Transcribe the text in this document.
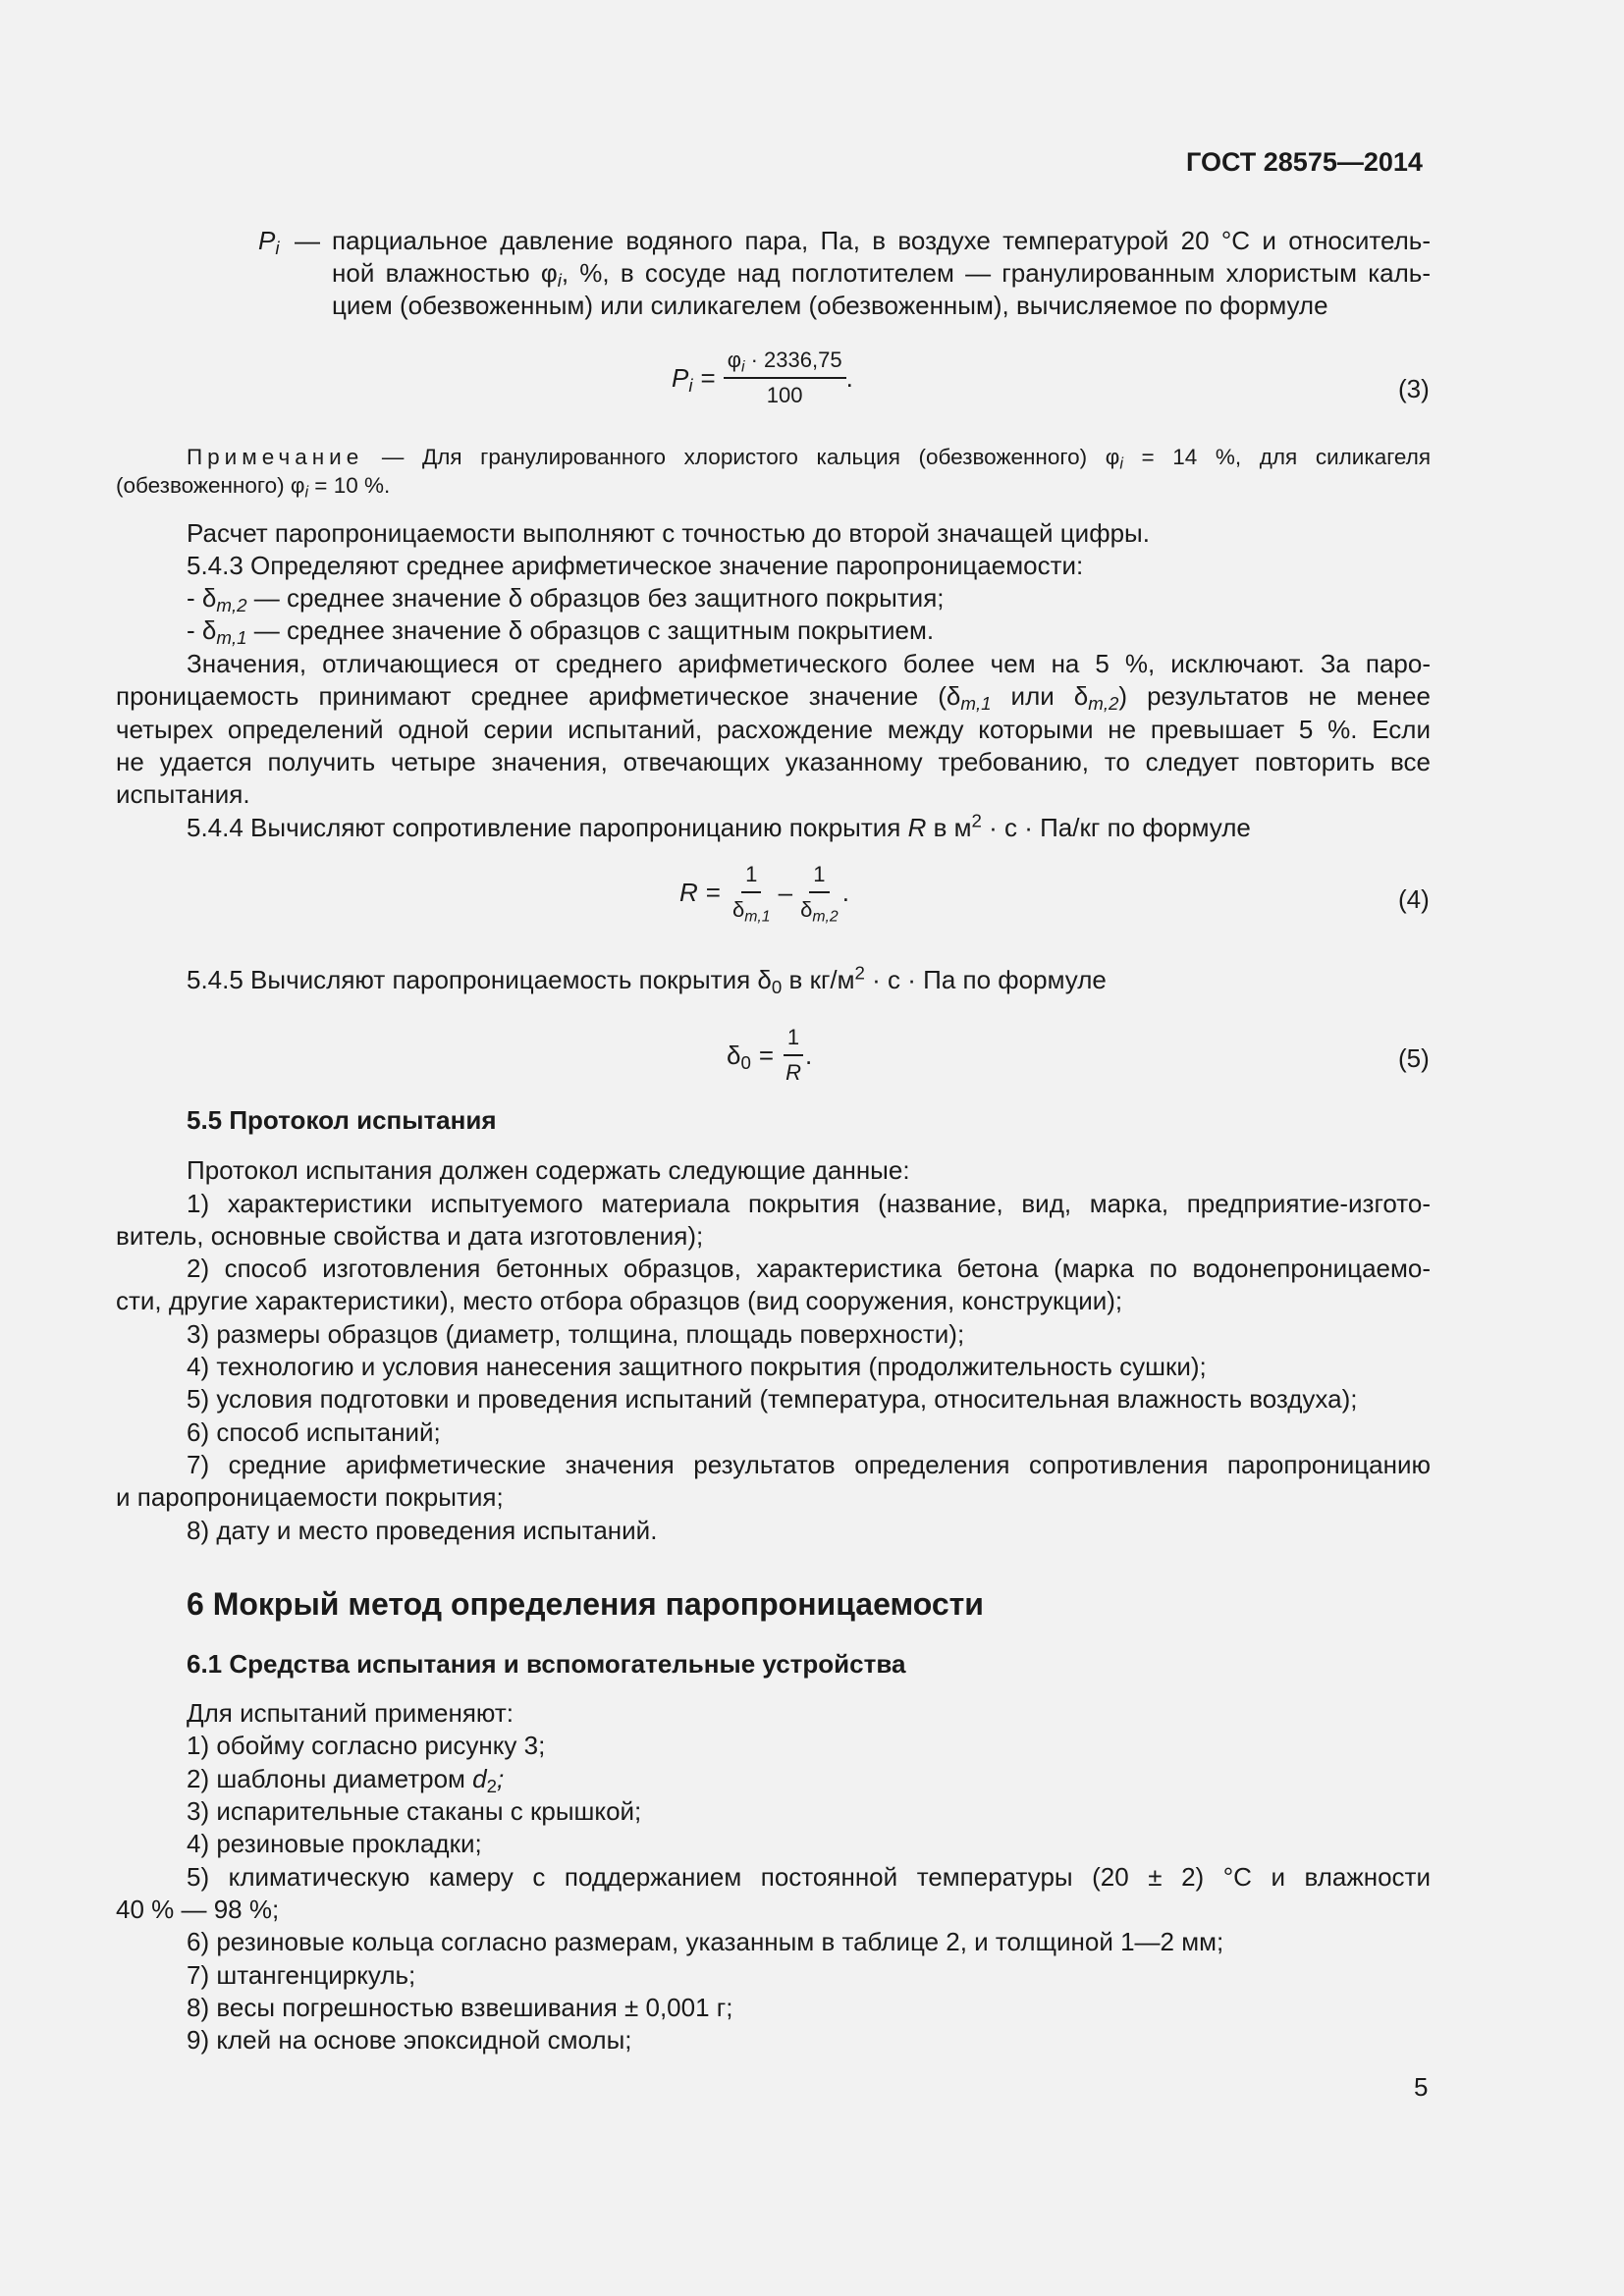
ГОСТ 28575—2014
$P_i$ — парциальное давление водяного пара, Па, в воздухе температурой 20 °С и относитель-
ной влажностью $\varphi_i$, %, в сосуде над поглотителем — гранулированным хлористым каль-
цием (обезвоженным) или силикагелем (обезвоженным), вычисляемое по формуле
$P_i = \frac{\varphi_i \cdot 2336,75}{100}$ .	(3)
Примечание — Для гранулированного хлористого кальция (обезвоженного) $\varphi_i = 14$ %, для силикагеля
(обезвоженного) $\varphi_i = 10$ %.
Расчет паропроницаемости выполняют с точностью до второй значащей цифры.
5.4.3 Определяют среднее арифметическое значение паропроницаемости:
- $\delta_{m,2}$ — среднее значение δ образцов без защитного покрытия;
- $\delta_{m,1}$ — среднее значение δ образцов с защитным покрытием.
Значения, отличающиеся от среднего арифметического более чем на 5 %, исключают. За паро-
проницаемость принимают среднее арифметическое значение ($\delta_{m,1}$ или $\delta_{m,2}$) результатов не менее
четырех определений одной серии испытаний, расхождение между которыми не превышает 5 %. Если
не удается получить четыре значения, отвечающих указанному требованию, то следует повторить все
испытания.
5.4.4 Вычисляют сопротивление паропроницанию покрытия R в $м^2 \cdot с \cdot Па/кг$ по формуле
$R = \frac{1}{\delta_{m,1}} - \frac{1}{\delta_{m,2}}$ .	(4)
5.4.5 Вычисляют паропроницаемость покрытия $\delta_0$ в $кг/м^2 \cdot с$ · Па по формуле
$\delta_0 = \frac{1}{R}$ .	(5)
5.5 Протокол испытания
Протокол испытания должен содержать следующие данные:
1) характеристики испытуемого материала покрытия (название, вид, марка, предприятие-изгото-
витель, основные свойства и дата изготовления);
2) способ изготовления бетонных образцов, характеристика бетона (марка по водонепроницаемо-
сти, другие характеристики), место отбора образцов (вид сооружения, конструкции);
3) размеры образцов (диаметр, толщина, площадь поверхности);
4) технологию и условия нанесения защитного покрытия (продолжительность сушки);
5) условия подготовки и проведения испытаний (температура, относительная влажность воздуха);
6) способ испытаний;
7) средние арифметические значения результатов определения сопротивления паропроницанию
и паропроницаемости покрытия;
8) дату и место проведения испытаний.
6 Мокрый метод определения паропроницаемости
6.1 Средства испытания и вспомогательные устройства
Для испытаний применяют:
1) обойму согласно рисунку 3;
2) шаблоны диаметром $d_2$;
3) испарительные стаканы с крышкой;
4) резиновые прокладки;
5) климатическую камеру с поддержанием постоянной температуры (20 ± 2) °С и влажности
40 % — 98 %;
6) резиновые кольца согласно размерам, указанным в таблице 2, и толщиной 1—2 мм;
7) штангенциркуль;
8) весы погрешностью взвешивания ± 0,001 г;
9) клей на основе эпоксидной смолы;
5
